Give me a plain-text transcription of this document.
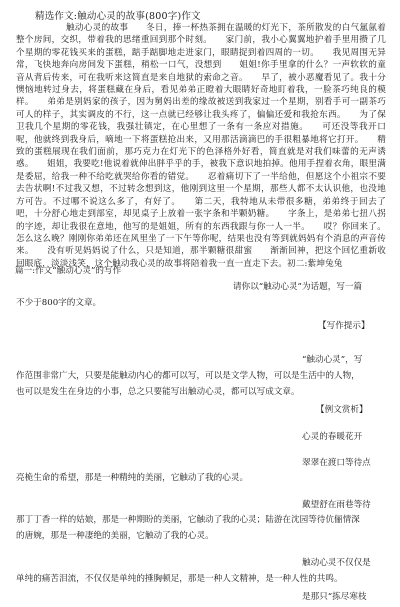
精选作文:触动心灵的故事(800字)作文

触动心灵的故事　　冬日，捧一杯热茶拥在温暖的灯光下，茶所散发的白气氲氤着整个房间，交织，带着我的思绪重回到那个时刻。　　家门前，我小心翼翼地护着手里用攒了几个星期的零花钱买来的蛋糕，踮手踮脚地走进家门，眼睛捉到着四周的一切。　　我见周围无异常，飞快地奔向房间发下蛋糕，稍松一口气，没想到　　姐姐!你手里拿的什么？一声软软的童音从背后传来，可在我听来这简直是来自地狱的索命之音。　　早了，被小恶魔看见了。我十分懊恼地转过身去，将蛋糕藏在身后，看见弟弟正瞪着大眼睛好奇地盯着我，一脸茶巧纯良的模样。　　弟弟是别妈家的孩子，因为舅妈出差的缘故被送到我家过一个星期，别看手可一副茶巧可人的样子，其实调皮的不行，这一点就已经够让我头疼了，偏偏还爱和我抢东西。　　为了保卫我几个星期的零花钱，我强壮镇定，在心里想了一条有一条应对措施。　　可还没等我开口呢，他就终到我身后，嘀地一下将蛋糕抢出来，又用那活滴滴巴的手很粗暴地将它打开。　　精致的蛋糕展现在我们面前，那巧克力在灯光下的色泽格外好看，简直就是对我们味蕾的无声诱惑。　　姐姐，我要吃!他说着就伸出胖乎乎的手，被我下意识地拍掉。他用手捏着衣角，眼里满是委屈，给我一种不给吃就哭给你看的错觉。　　忍着痛切下了一半给他，但愿这个小祖宗不要去告状啊!不过我又想，不过转念想到这，他刚到这里一个星期，那些人都不太认识他，也没地方可告。不过哪不说这么多了，有好了。　　第二天，我特地从未带很多糖，弟弟终于回去了吧，十分舒心地走到部室，却见桌子上放着一张字条和半颗奶糖。　　字条上，是弟弟七扭八拐的字迹，却让我很在意地，他写的是姐姐，所有的东西我跟与你一人一半。　　哎？你回来了。怎么这么晚？刚刚你弟弟还在风里坐了一下午等你呢，结果也没有等到就妈妈有个消息的声音传来。　　没有听见妈妈说了什么，只是知道，那半颗糖很甜蜜　　渐渐回神，把这个回忆重新收回眼底，淡淡浅笑，这个触动我心灵的故事将陪着我一直一直走下去。初二:紫坤兔兔

篇一:作文“触动心灵”的写作
请你以“触动心灵”为话题，写一篇
不少于800字的文章。
【写作提示】
“触动心灵”，写
作范围非常广大，只要是能触动内心的都可以写，可以是文学人物，可以是生活中的人物，
也可以是发生在身边的小事，总之只要能写出触动心灵，都可以写成文章。
【例文赏析】
心灵的春暖花开
翠翠在渡口等待点
亮桅生命的希望，那是一种精纯的美丽，它触动了我的心灵。
戴望舒在雨巷等待
那丁丁香一样的姑娘，那是一种期盼的美丽，它触动了我的心灵；陆游在沈园等待伉俪情深
的唐婉，那是一种凄绝的美丽，它触动了我的心灵。
触动心灵不仅仅是
单纯的痛苦泪流，不仅仅是单纯的捶胸顿足，那是一种人文精神，是一种人性的共鸣。
是那只“拣尽寒枝
